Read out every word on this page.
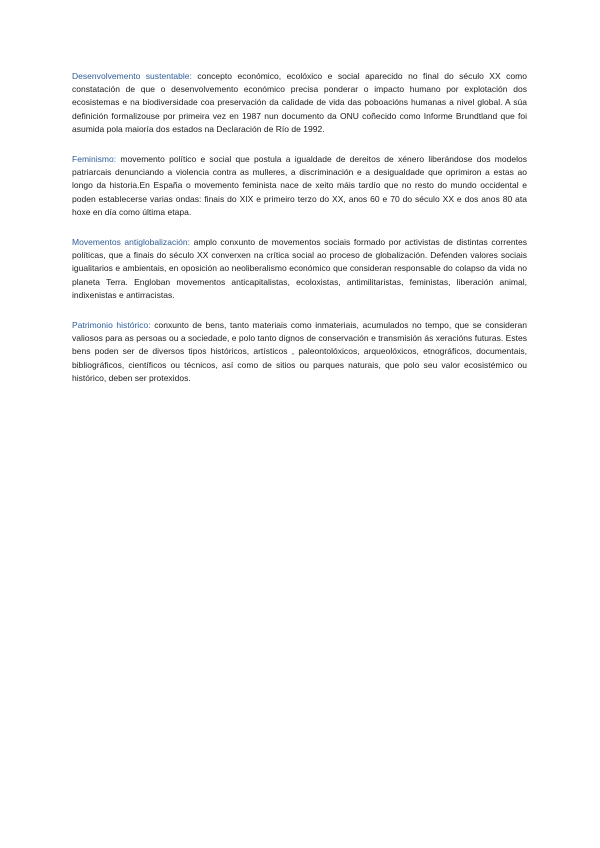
Desenvolvemento sustentable: concepto económico, ecolóxico e social aparecido no final do século XX como constatación de que o desenvolvemento económico precisa ponderar o impacto humano por explotación dos ecosistemas e na biodiversidade coa preservación da calidade de vida das poboacións humanas a nivel global. A súa definición formalizouse por primeira vez en 1987 nun documento da ONU coñecido como Informe Brundtland que foi asumida pola maioría dos estados na Declaración de Río de 1992.

Feminismo: movemento político e social que postula a igualdade de dereitos de xénero liberándose dos modelos patriarcais denunciando a violencia contra as mulleres, a discriminación e a desigualdade que oprimiron a estas ao longo da historia.En España o movemento feminista nace de xeito máis tardío que no resto do mundo occidental e poden establecerse varias ondas: finais do XIX e primeiro terzo do XX, anos 60 e 70 do século XX e dos anos 80 ata hoxe en día como última etapa.

Movementos antiglobalización: amplo conxunto de movementos sociais formado por activistas de distintas correntes políticas, que a finais do século XX converxen na crítica social ao proceso de globalización. Defenden valores sociais igualitarios e ambientais, en oposición ao neoliberalismo económico que consideran responsable do colapso da vida no planeta Terra. Engloban movementos anticapitalistas, ecoloxistas, antimilitaristas, feministas, liberación animal, indixenistas e antirracistas.

Patrimonio histórico: conxunto de bens, tanto materiais como inmateriais, acumulados no tempo, que se consideran valiosos para as persoas ou a sociedade, e polo tanto dignos de conservación e transmisión ás xeracións futuras. Estes bens poden ser de diversos tipos históricos, artísticos , paleontolóxicos, arqueolóxicos, etnográficos, documentais, bibliográficos, científicos ou técnicos, así como de sitios ou parques naturais, que polo seu valor ecosistémico ou histórico, deben ser protexidos.
